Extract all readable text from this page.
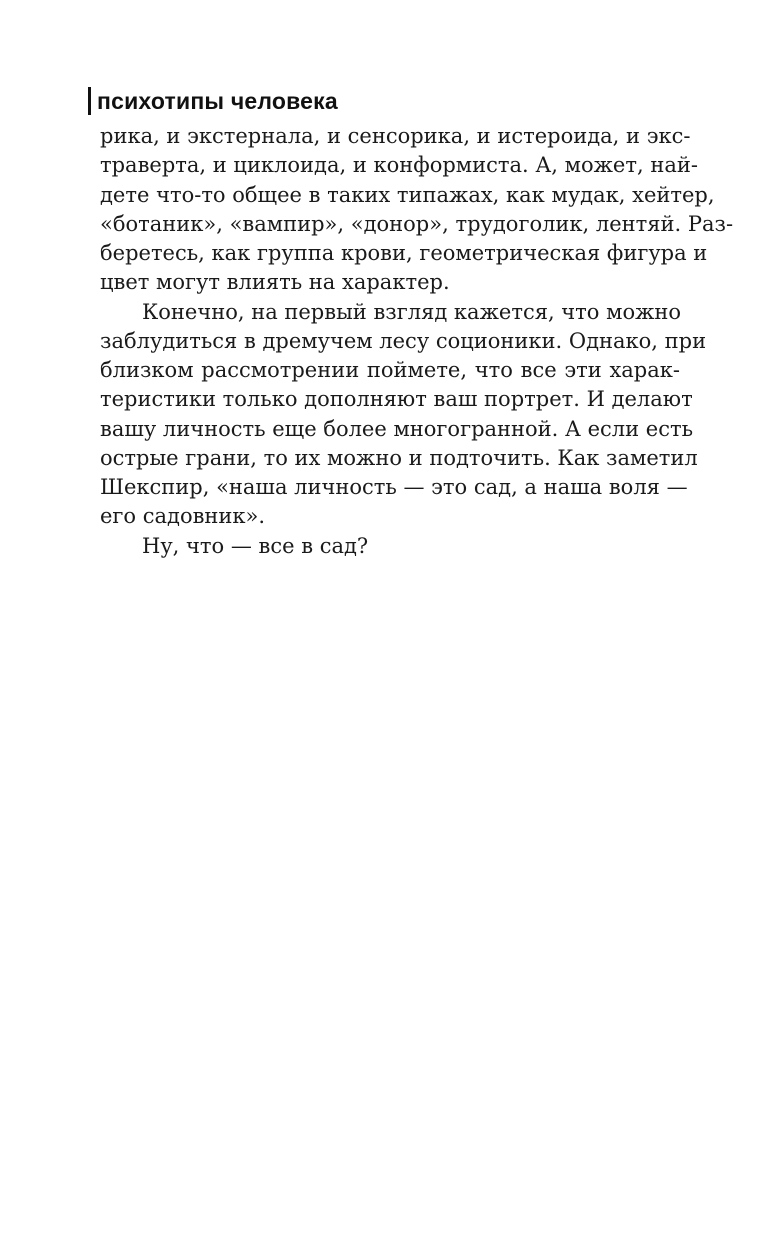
психотипы человека
рика, и экстернала, и сенсорика, и истероида, и экс-
траверта, и циклоида, и конформиста. А, может, най-
дете что-то общее в таких типажах, как мудак, хейтер,
«ботаник», «вампир», «донор», трудоголик, лентяй. Раз-
беретесь, как группа крови, геометрическая фигура и
цвет могут влиять на характер.
Конечно, на первый взгляд кажется, что можно
заблудиться в дремучем лесу соционики. Однако, при
близком рассмотрении поймете, что все эти харак-
теристики только дополняют ваш портрет. И делают
вашу личность еще более многогранной. А если есть
острые грани, то их можно и подточить. Как заметил
Шекспир, «наша личность — это сад, а наша воля —
его садовник».
Ну, что — все в сад?
